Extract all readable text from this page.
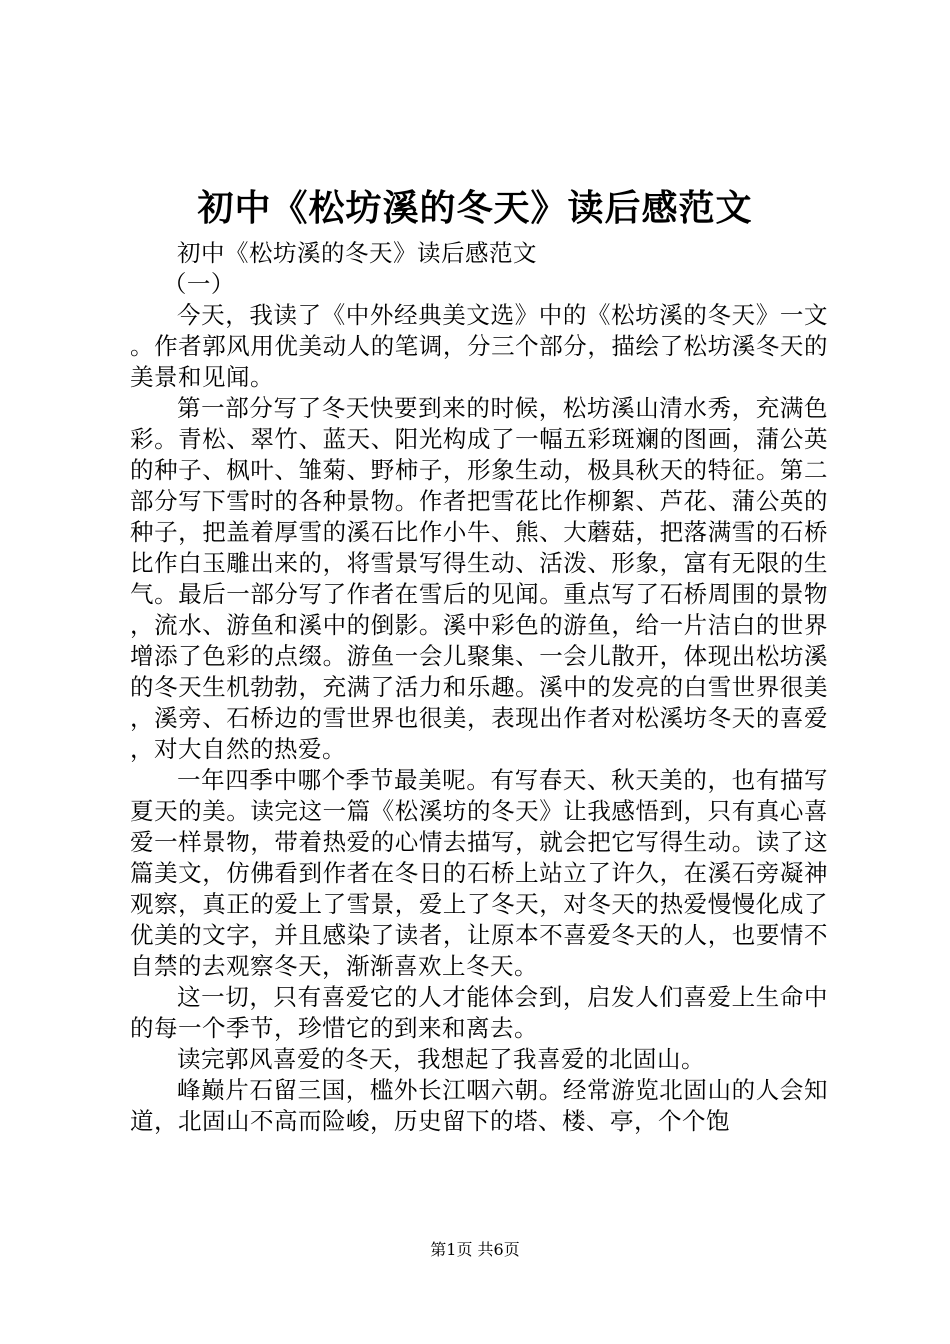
初中《松坊溪的冬天》读后感范文

初中《松坊溪的冬天》读后感范文

（一）

今天，我读了《中外经典美文选》中的《松坊溪的冬天》一文。作者郭风用优美动人的笔调，分三个部分，描绘了松坊溪冬天的美景和见闻。

第一部分写了冬天快要到来的时候，松坊溪山清水秀，充满色彩。青松、翠竹、蓝天、阳光构成了一幅五彩斑斓的图画，蒲公英的种子、枫叶、雏菊、野柿子，形象生动，极具秋天的特征。第二部分写下雪时的各种景物。作者把雪花比作柳絮、芦花、蒲公英的种子，把盖着厚雪的溪石比作小牛、熊、大蘑菇，把落满雪的石桥比作白玉雕出来的，将雪景写得生动、活泼、形象，富有无限的生气。最后一部分写了作者在雪后的见闻。重点写了石桥周围的景物，流水、游鱼和溪中的倒影。溪中彩色的游鱼，给一片洁白的世界增添了色彩的点缀。游鱼一会儿聚集、一会儿散开，体现出松坊溪的冬天生机勃勃，充满了活力和乐趣。溪中的发亮的白雪世界很美，溪旁、石桥边的雪世界也很美，表现出作者对松溪坊冬天的喜爱，对大自然的热爱。

一年四季中哪个季节最美呢。有写春天、秋天美的，也有描写夏天的美。读完这一篇《松溪坊的冬天》让我感悟到，只有真心喜爱一样景物，带着热爱的心情去描写，就会把它写得生动。读了这篇美文，仿佛看到作者在冬日的石桥上站立了许久，在溪石旁凝神观察，真正的爱上了雪景，爱上了冬天，对冬天的热爱慢慢化成了优美的文字，并且感染了读者，让原本不喜爱冬天的人，也要情不自禁的去观察冬天，渐渐喜欢上冬天。

这一切，只有喜爱它的人才能体会到，启发人们喜爱上生命中的每一个季节，珍惜它的到来和离去。

读完郭风喜爱的冬天，我想起了我喜爱的北固山。

峰巅片石留三国，槛外长江咽六朝。经常游览北固山的人会知道，北固山不高而险峻，历史留下的塔、楼、亭，个个饱

第1页 共6页
